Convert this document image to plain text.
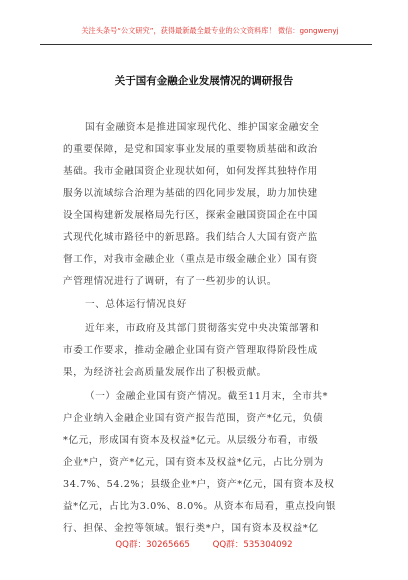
关注头条号“公文研究”，获得最新最全最专业的公文资料库！ 微信：gongwenyj
关于国有金融企业发展情况的调研报告
国有金融资本是推进国家现代化、维护国家金融安全
的重要保障，是党和国家事业发展的重要物质基础和政治
基础。我市金融国资企业现状如何，如何发挥其独特作用
服务以流域综合治理为基础的四化同步发展，助力加快建
设全国构建新发展格局先行区，探索金融国资国企在中国
式现代化城市路径中的新思路。我们结合人大国有资产监
督工作，对我市金融企业（重点是市级金融企业）国有资
产管理情况进行了调研，有了一些初步的认识。
一、总体运行情况良好
近年来，市政府及其部门贯彻落实党中央决策部署和
市委工作要求，推动金融企业国有资产管理取得阶段性成
果，为经济社会高质量发展作出了积极贡献。
（一）金融企业国有资产情况。截至11月末，全市共*
户企业纳入金融企业国有资产报告范围，资产*亿元，负债
*亿元，形成国有资本及权益*亿元。从层级分布看，市级
企业*户，资产*亿元，国有资本及权益*亿元，占比分别为
34.7%、54.2%；县级企业*户，资产*亿元，国有资本及权
益*亿元，占比为3.0%、8.0%。从资本布局看，重点投向银
行、担保、金控等领域。银行类*户，国有资本及权益*亿
QQ群：30265665	QQ群：535304092
